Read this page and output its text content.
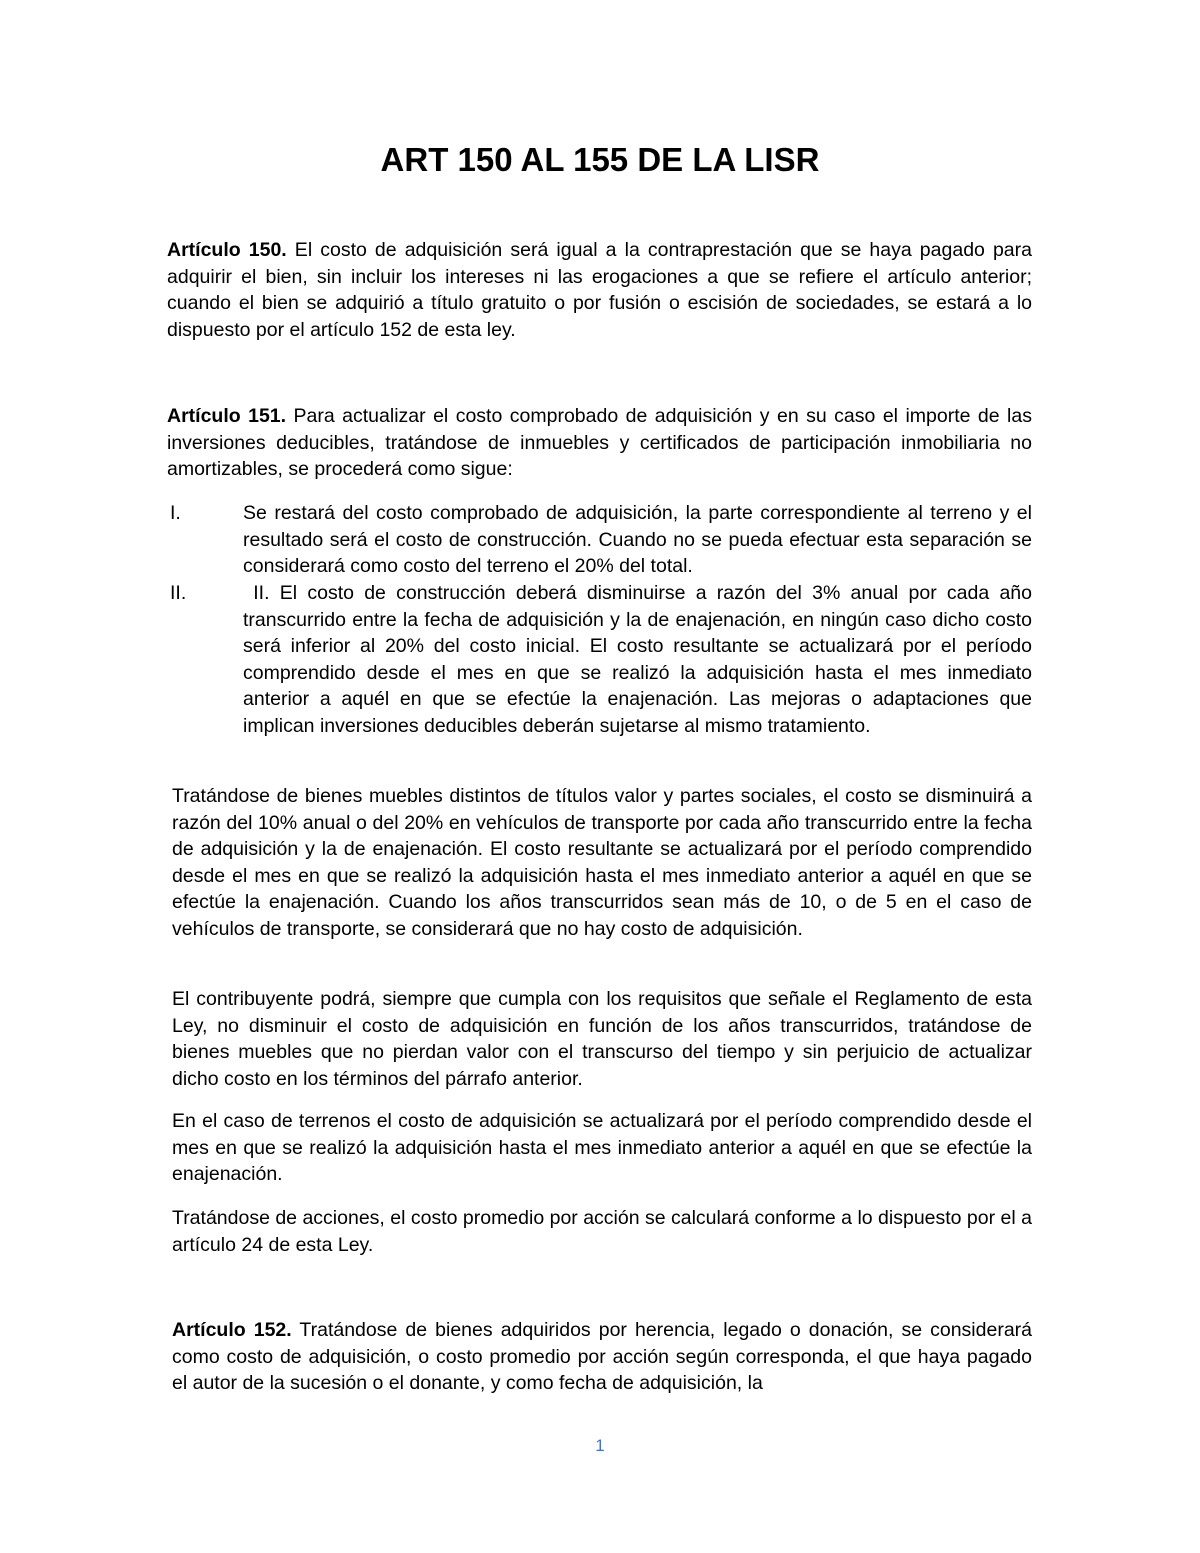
ART 150 AL 155 DE LA LISR

Artículo 150. El costo de adquisición será igual a la contraprestación que se haya pagado para adquirir el bien, sin incluir los intereses ni las erogaciones a que se refiere el artículo anterior; cuando el bien se adquirió a título gratuito o por fusión o escisión de sociedades, se estará a lo dispuesto por el artículo 152 de esta ley.

Artículo 151. Para actualizar el costo comprobado de adquisición y en su caso el importe de las inversiones deducibles, tratándose de inmuebles y certificados de participación inmobiliaria no amortizables, se procederá como sigue:

I.	Se restará del costo comprobado de adquisición, la parte correspondiente al terreno y el resultado será el costo de construcción. Cuando no se pueda efectuar esta separación se considerará como costo del terreno el 20% del total.
II.	II. El costo de construcción deberá disminuirse a razón del 3% anual por cada año transcurrido entre la fecha de adquisición y la de enajenación, en ningún caso dicho costo será inferior al 20% del costo inicial. El costo resultante se actualizará por el período comprendido desde el mes en que se realizó la adquisición hasta el mes inmediato anterior a aquél en que se efectúe la enajenación. Las mejoras o adaptaciones que implican inversiones deducibles deberán sujetarse al mismo tratamiento.

Tratándose de bienes muebles distintos de títulos valor y partes sociales, el costo se disminuirá a razón del 10% anual o del 20% en vehículos de transporte por cada año transcurrido entre la fecha de adquisición y la de enajenación. El costo resultante se actualizará por el período comprendido desde el mes en que se realizó la adquisición hasta el mes inmediato anterior a aquél en que se efectúe la enajenación. Cuando los años transcurridos sean más de 10, o de 5 en el caso de vehículos de transporte, se considerará que no hay costo de adquisición.

El contribuyente podrá, siempre que cumpla con los requisitos que señale el Reglamento de esta Ley, no disminuir el costo de adquisición en función de los años transcurridos, tratándose de bienes muebles que no pierdan valor con el transcurso del tiempo y sin perjuicio de actualizar dicho costo en los términos del párrafo anterior.

En el caso de terrenos el costo de adquisición se actualizará por el período comprendido desde el mes en que se realizó la adquisición hasta el mes inmediato anterior a aquél en que se efectúe la enajenación.

Tratándose de acciones, el costo promedio por acción se calculará conforme a lo dispuesto por el a artículo 24 de esta Ley.

Artículo 152. Tratándose de bienes adquiridos por herencia, legado o donación, se considerará como costo de adquisición, o costo promedio por acción según corresponda, el que haya pagado el autor de la sucesión o el donante, y como fecha de adquisición, la

1
